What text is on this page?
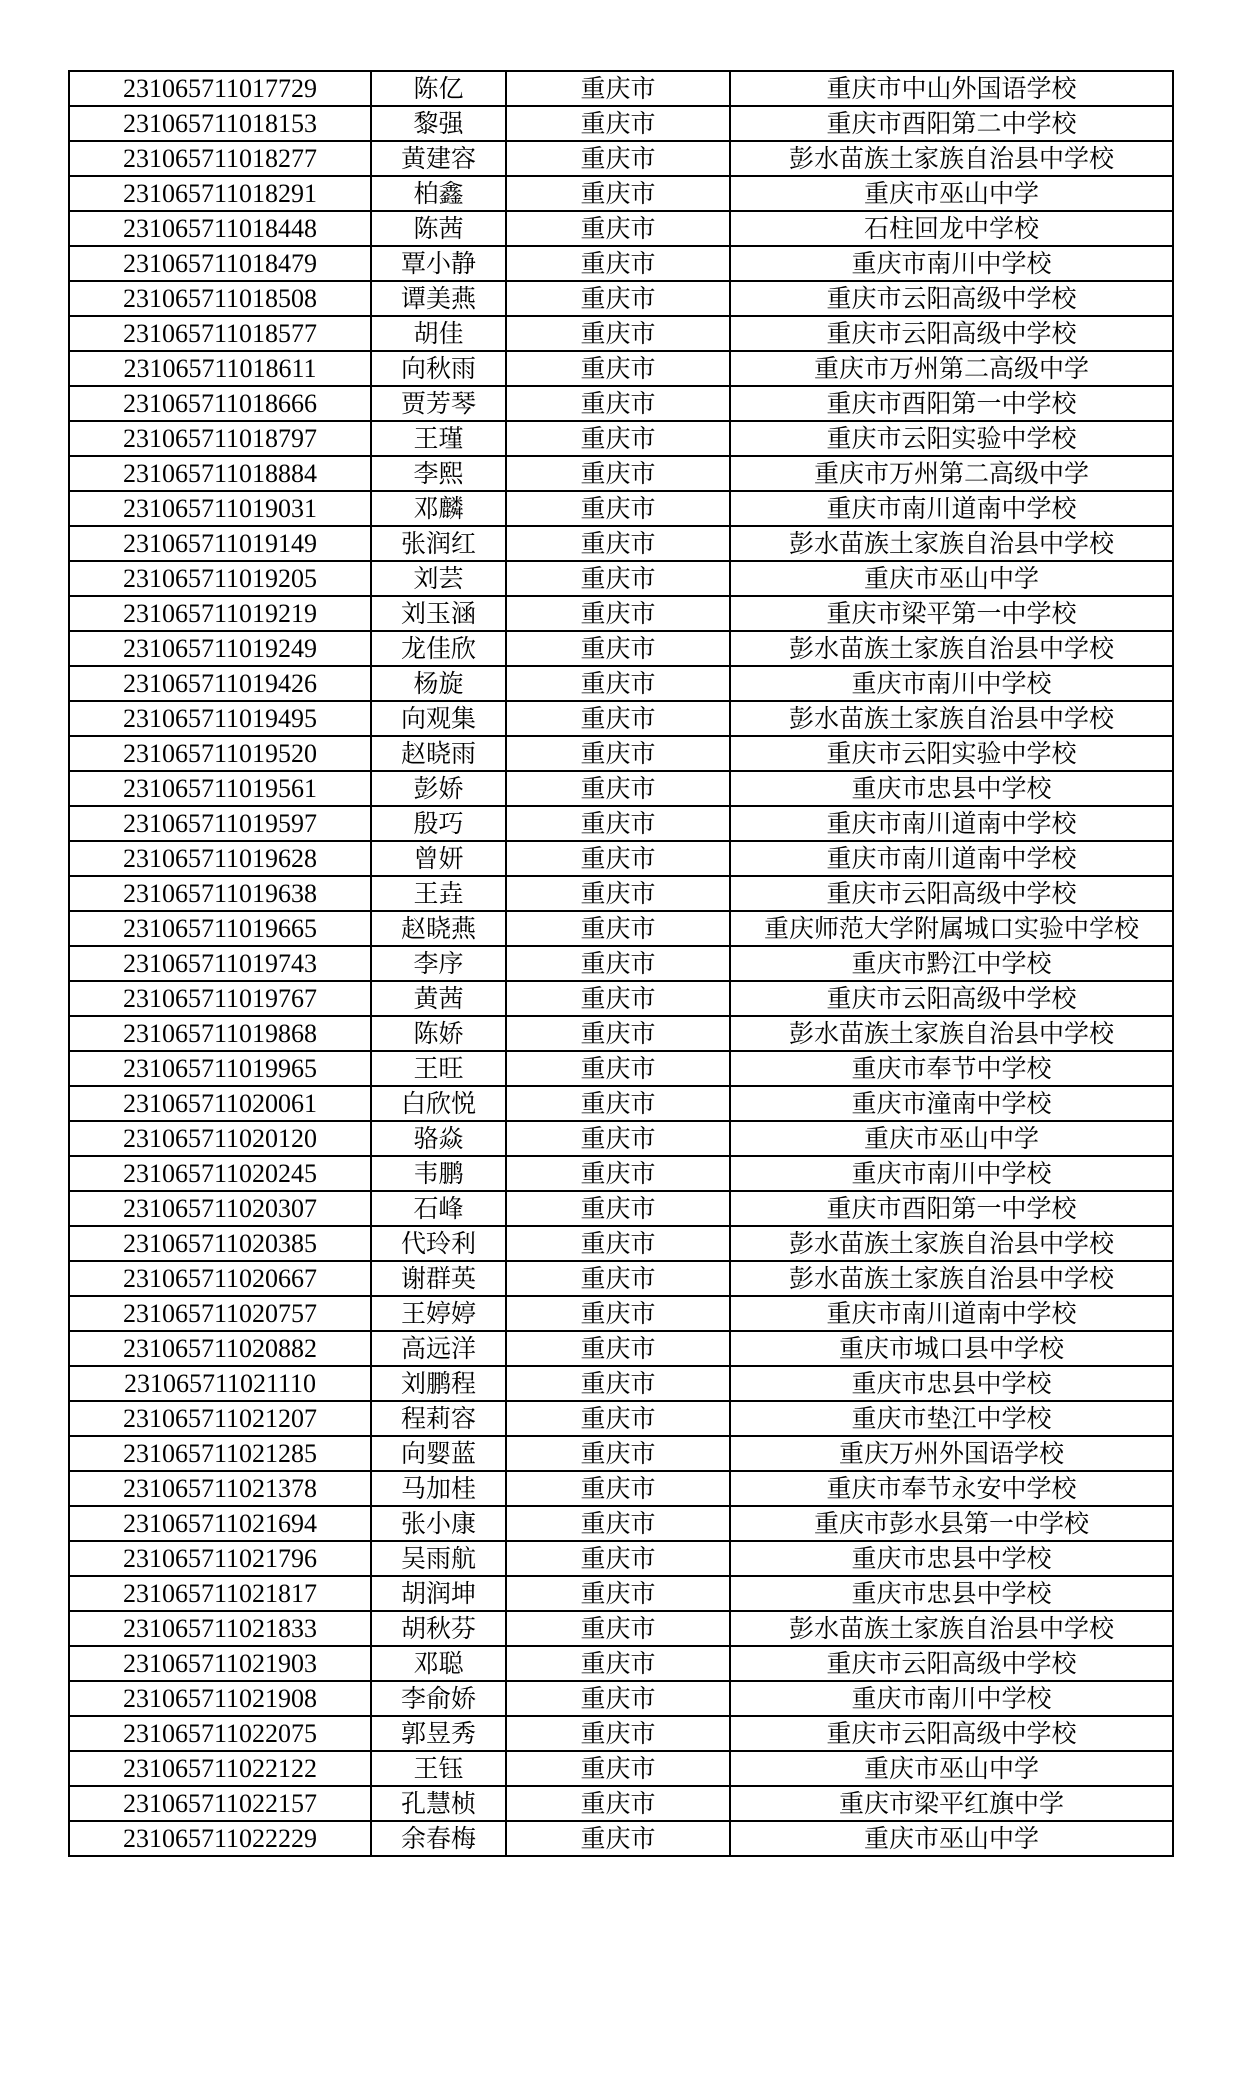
231065711017729	陈亿	重庆市	重庆市中山外国语学校
231065711018153	黎强	重庆市	重庆市酉阳第二中学校
231065711018277	黄建容	重庆市	彭水苗族土家族自治县中学校
231065711018291	柏鑫	重庆市	重庆市巫山中学
231065711018448	陈茜	重庆市	石柱回龙中学校
231065711018479	覃小静	重庆市	重庆市南川中学校
231065711018508	谭美燕	重庆市	重庆市云阳高级中学校
231065711018577	胡佳	重庆市	重庆市云阳高级中学校
231065711018611	向秋雨	重庆市	重庆市万州第二高级中学
231065711018666	贾芳琴	重庆市	重庆市酉阳第一中学校
231065711018797	王瑾	重庆市	重庆市云阳实验中学校
231065711018884	李熙	重庆市	重庆市万州第二高级中学
231065711019031	邓麟	重庆市	重庆市南川道南中学校
231065711019149	张润红	重庆市	彭水苗族土家族自治县中学校
231065711019205	刘芸	重庆市	重庆市巫山中学
231065711019219	刘玉涵	重庆市	重庆市梁平第一中学校
231065711019249	龙佳欣	重庆市	彭水苗族土家族自治县中学校
231065711019426	杨旋	重庆市	重庆市南川中学校
231065711019495	向观集	重庆市	彭水苗族土家族自治县中学校
231065711019520	赵晓雨	重庆市	重庆市云阳实验中学校
231065711019561	彭娇	重庆市	重庆市忠县中学校
231065711019597	殷巧	重庆市	重庆市南川道南中学校
231065711019628	曾妍	重庆市	重庆市南川道南中学校
231065711019638	王垚	重庆市	重庆市云阳高级中学校
231065711019665	赵晓燕	重庆市	重庆师范大学附属城口实验中学校
231065711019743	李序	重庆市	重庆市黔江中学校
231065711019767	黄茜	重庆市	重庆市云阳高级中学校
231065711019868	陈娇	重庆市	彭水苗族土家族自治县中学校
231065711019965	王旺	重庆市	重庆市奉节中学校
231065711020061	白欣悦	重庆市	重庆市潼南中学校
231065711020120	骆焱	重庆市	重庆市巫山中学
231065711020245	韦鹏	重庆市	重庆市南川中学校
231065711020307	石峰	重庆市	重庆市酉阳第一中学校
231065711020385	代玲利	重庆市	彭水苗族土家族自治县中学校
231065711020667	谢群英	重庆市	彭水苗族土家族自治县中学校
231065711020757	王婷婷	重庆市	重庆市南川道南中学校
231065711020882	高远洋	重庆市	重庆市城口县中学校
231065711021110	刘鹏程	重庆市	重庆市忠县中学校
231065711021207	程莉容	重庆市	重庆市垫江中学校
231065711021285	向婴蓝	重庆市	重庆万州外国语学校
231065711021378	马加桂	重庆市	重庆市奉节永安中学校
231065711021694	张小康	重庆市	重庆市彭水县第一中学校
231065711021796	吴雨航	重庆市	重庆市忠县中学校
231065711021817	胡润坤	重庆市	重庆市忠县中学校
231065711021833	胡秋芬	重庆市	彭水苗族土家族自治县中学校
231065711021903	邓聪	重庆市	重庆市云阳高级中学校
231065711021908	李俞娇	重庆市	重庆市南川中学校
231065711022075	郭昱秀	重庆市	重庆市云阳高级中学校
231065711022122	王钰	重庆市	重庆市巫山中学
231065711022157	孔慧桢	重庆市	重庆市梁平红旗中学
231065711022229	余春梅	重庆市	重庆市巫山中学
